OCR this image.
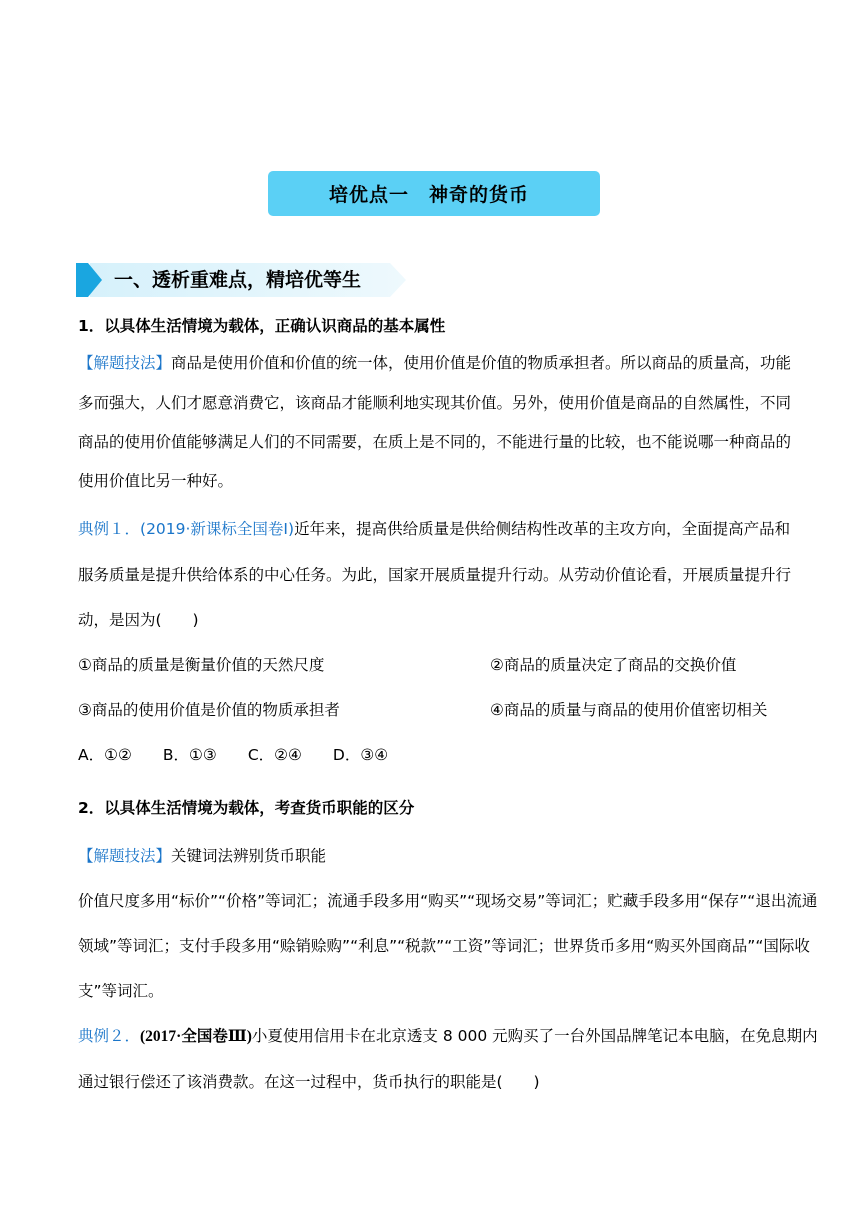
培优点一　神奇的货币
一、透析重难点，精培优等生
1．以具体生活情境为载体，正确认识商品的基本属性
【解题技法】商品是使用价值和价值的统一体，使用价值是价值的物质承担者。所以商品的质量高，功能
多而强大，人们才愿意消费它，该商品才能顺利地实现其价值。另外，使用价值是商品的自然属性，不同
商品的使用价值能够满足人们的不同需要，在质上是不同的，不能进行量的比较，也不能说哪一种商品的
使用价值比另一种好。
典例１．(2019·新课标全国卷Ⅰ)近年来，提高供给质量是供给侧结构性改革的主攻方向，全面提高产品和
服务质量是提升供给体系的中心任务。为此，国家开展质量提升行动。从劳动价值论看，开展质量提升行
动，是因为(　　)
①商品的质量是衡量价值的天然尺度	②商品的质量决定了商品的交换价值
③商品的使用价值是价值的物质承担者	④商品的质量与商品的使用价值密切相关
A．①②　　B．①③　　C．②④　　D．③④
2．以具体生活情境为载体，考查货币职能的区分
【解题技法】关键词法辨别货币职能
价值尺度多用“标价”“价格”等词汇；流通手段多用“购买”“现场交易”等词汇；贮藏手段多用“保存”“退出流通
领域”等词汇；支付手段多用“赊销赊购”“利息”“税款”“工资”等词汇；世界货币多用“购买外国商品”“国际收
支”等词汇。
典例２．(2017·全国卷Ⅲ)小夏使用信用卡在北京透支 8 000 元购买了一台外国品牌笔记本电脑，在免息期内
通过银行偿还了该消费款。在这一过程中，货币执行的职能是(　　)
